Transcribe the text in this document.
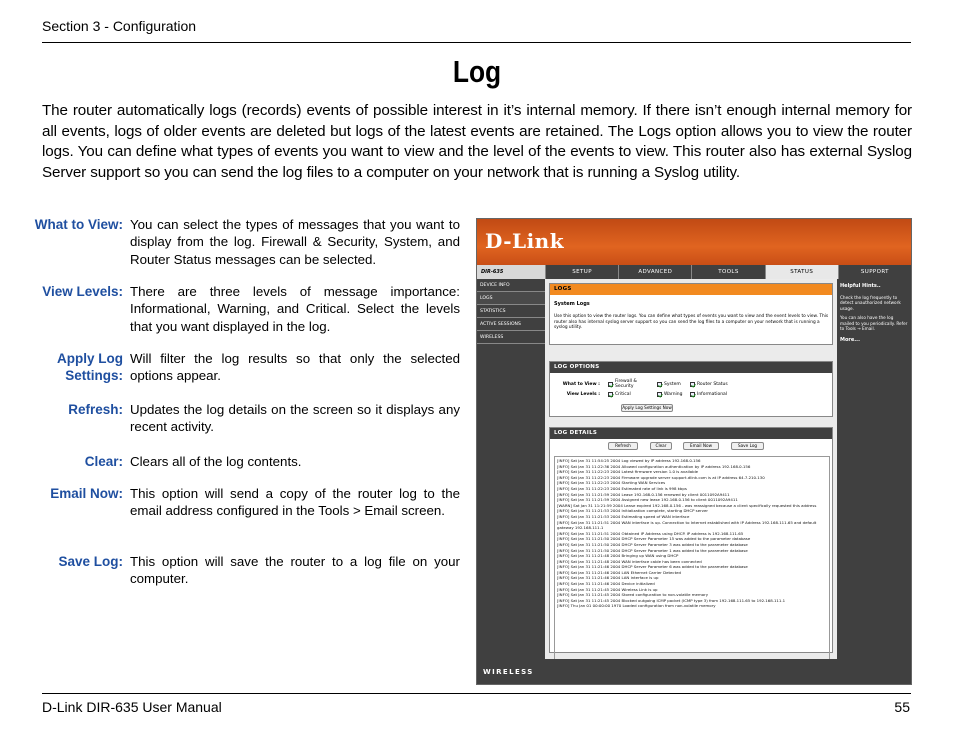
Section 3 - Configuration
Log

The router automatically logs (records) events of possible interest in it’s internal memory. If there isn’t enough internal memory for all events, logs of older events are deleted but logs of the latest events are retained. The Logs option allows you to view the router logs. You can define what types of events you want to view and the level of the events to view. This router also has external Syslog Server support so you can send the log files to a computer on your network that is running a Syslog utility.

What to View: You can select the types of messages that you want to display from the log. Firewall & Security, System, and Router Status messages can be selected.
View Levels: There are three levels of message importance: Informational, Warning, and Critical. Select the levels that you want displayed in the log.
Apply Log
Settings:
Will filter the log results so that only the selected options appear.
Refresh: Updates the log details on the screen so it displays any recent activity.
Clear: Clears all of the log contents.
Email Now: This option will send a copy of the router log to the email address configured in the Tools > Email screen.
Save Log: This option will save the router to a log file on your computer.
D-Link
DIR-635	SETUP	ADVANCED	TOOLS	STATUS	SUPPORT
DEVICE INFO
LOGS
STATISTICS
ACTIVE SESSIONS
WIRELESS
LOGS
System Logs
Use this option to view the router logs. You can define what types of events you want to view and the event levels to view. This router also has internal syslog server support so you can send the log files to a computer on your network that is running a syslog utility.
LOG OPTIONS
What to View :	Firewall & Security	System	Router Status
View Levels :	Critical	Warning	Informational
Apply Log Settings Now
LOG DETAILS
Refresh	Clear	Email Now	Save Log
[INFO] Sat Jan 31 11:54:25 2004 Log viewed by IP address 192.168.0.156
[INFO] Sat Jan 31 11:22:36 2004 Allowed configuration authentication by IP address 192.168.0.156
[INFO] Sat Jan 31 11:22:23 2004 Latest firmware version 1.0 is available
[INFO] Sat Jan 31 11:22:23 2004 Firmware upgrade server support.dlink.com is at IP address 64.7.210.130
[INFO] Sat Jan 31 11:22:23 2004 Starting WAN Services
[INFO] Sat Jan 31 11:22:23 2004 Estimated rate of link is 998 kbps
[INFO] Sat Jan 31 11:21:59 2004 Lease 192.168.0.156 renewed by client 0011092A9411
[INFO] Sat Jan 31 11:21:59 2004 Assigned new lease 192.168.0.156 to client 0011092A9411
[WARN] Sat Jan 31 11:21:59 2004 Lease expired 192.168.0.156 - was reassigned because a client specifically requested this address
[INFO] Sat Jan 31 11:21:53 2004 Initialization complete, starting DHCP server
[INFO] Sat Jan 31 11:21:53 2004 Estimating speed of WAN interface
[INFO] Sat Jan 31 11:21:51 2004 WAN interface is up. Connection to Internet established with IP Address 192.168.111.65 and default gateway 192.168.111.1
[INFO] Sat Jan 31 11:21:51 2004 Obtained IP Address using DHCP. IP address is 192.168.111.65
[INFO] Sat Jan 31 11:21:50 2004 DHCP Server Parameter 15 was added to the parameter database
[INFO] Sat Jan 31 11:21:50 2004 DHCP Server Parameter 3 was added to the parameter database
[INFO] Sat Jan 31 11:21:50 2004 DHCP Server Parameter 1 was added to the parameter database
[INFO] Sat Jan 31 11:21:48 2004 Bringing up WAN using DHCP
[INFO] Sat Jan 31 11:21:48 2004 WAN interface cable has been connected
[INFO] Sat Jan 31 11:21:46 2004 DHCP Server Parameter 6 was added to the parameter database
[INFO] Sat Jan 31 11:21:46 2004 LAN Ethernet Carrier Detected
[INFO] Sat Jan 31 11:21:46 2004 LAN interface is up
[INFO] Sat Jan 31 11:21:46 2004 Device initialized
[INFO] Sat Jan 31 11:21:45 2004 Wireless Link is up
[INFO] Sat Jan 31 11:21:45 2004 Stored configuration to non-volatile memory
[INFO] Sat Jan 31 11:21:45 2004 Blocked outgoing ICMP packet (ICMP type 3) from 192.168.111.65 to 192.168.111.1
[INFO] Thu Jan 01 00:00:00 1970 Loaded configuration from non-volatile memory
Helpful Hints..
Check the log frequently to detect unauthorized network usage.
You can also have the log mailed to you periodically. Refer to Tools → Email.
More...
WIRELESS
D-Link DIR-635 User Manual	55
